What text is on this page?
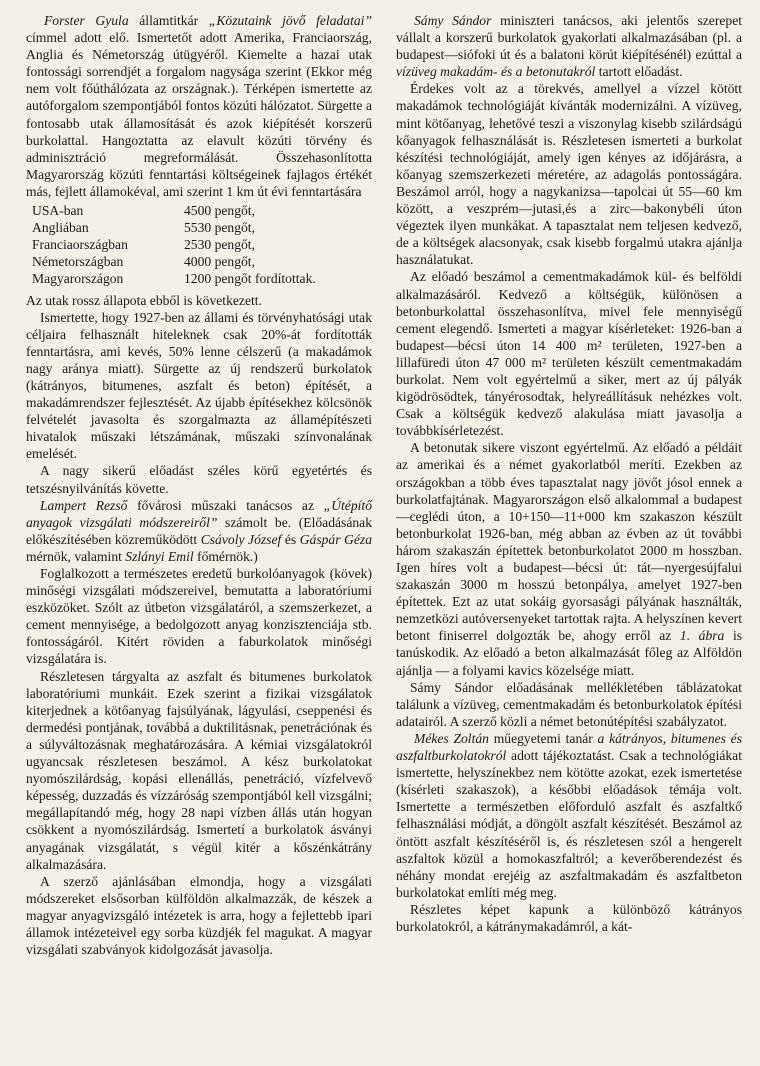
Forster Gyula államtitkár „Közutaink jövő feladatai” címmel adott elő. Ismertetőt adott Amerika, Franciaország, Anglia és Németország útügyéről. Kiemelte a hazai utak fontossági sorrendjét a forgalom nagysága szerint (Ekkor még nem volt főúthálózata az országnak.). Térképen ismertette az autóforgalom szempontjából fontos közúti hálózatot. Sürgette a fontosabb utak államosítását és azok kiépítését korszerű burkolattal. Hangoztatta az elavult közúti törvény és adminisztráció megreformálását. Összehasonlította Magyarország közúti fenntartási költségeinek fajlagos értékét más, fejlett államokéval, ami szerint 1 km út évi fenntartására

USA-ban	4500 pengőt,
Angliában	5530 pengőt,
Franciaországban	2530 pengőt,
Németországban	4000 pengőt,
Magyarországon	1200 pengőt fordítottak.

Az utak rossz állapota ebből is következett.

Ismertette, hogy 1927-ben az állami és törvényhatósági utak céljaira felhasznált hiteleknek csak 20%-át fordították fenntartásra, ami kevés, 50% lenne célszerű (a makadámok nagy aránya miatt). Sürgette az új rendszerű burkolatok (kátrányos, bitumenes, aszfalt és beton) építését, a makadámrendszer fejlesztését. Az újabb építésekhez kölcsönök felvételét javasolta és szorgalmazta az államépítészeti hivatalok műszaki létszámának, műszaki színvonalának emelését.

A nagy sikerű előadást széles körű egyetértés és tetszésnyilvánítás követte.

Lampert Rezső fővárosi műszaki tanácsos az „Útépítő anyagok vizsgálati módszereiről” számolt be. (Előadásának előkészítésében közreműködött Csávoly József és Gáspár Géza mérnök, valamint Szlányi Emil főmérnök.)

Foglalkozott a természetes eredetű burkolóanyagok (kövek) minőségi vizsgálati módszereivel, bemutatta a laboratóriumi eszközöket. Szólt az útbeton vizsgálatáról, a szemszerkezet, a cement mennyisége, a bedolgozott anyag konzisztenciája stb. fontosságáról. Kitért röviden a faburkolatok minőségi vizsgálatára is.

Részletesen tárgyalta az aszfalt és bitumenes burkolatok laboratóriumi munkáit. Ezek szerint a fizikai vizsgálatok kiterjednek a kötőanyag fajsúlyának, lágyulási, cseppenési és dermedési pontjának, továbbá a duktilitásnak, penetrációnak és a súlyváltozásnak meghatározására. A kémiai vizsgálatokról ugyancsak részletesen beszámol. A kész burkolatokat nyomószilárdság, kopási ellenállás, penetráció, vízfelvevő képesség, duzzadás és vízzáróság szempontjából kell vizsgálni; megállapítandó még, hogy 28 napi vízben állás után hogyan csökkent a nyomószilárdság. Ismertetí a burkolatok ásványi anyagának vizsgálatát, s végül kitér a kőszénkátrány alkalmazására.

A szerző ajánlásában elmondja, hogy a vizsgálati módszereket elsősorban külföldön alkalmazzák, de készek a magyar anyagvizsgáló intézetek is arra, hogy a fejlettebb ipari államok intézeteivel egy sorba küzdjék fel magukat. A magyar vizsgálati szabványok kidolgozását javasolja.

Sámy Sándor miniszteri tanácsos, aki jelentős szerepet vállalt a korszerű burkolatok gyakorlati alkalmazásában (pl. a budapest—siófoki út és a balatoni körút kiépítésénél) ezúttal a vízüveg makadám- és a betonutakról tartott előadást.

Érdekes volt az a törekvés, amellyel a vízzel kötött makadámok technológiáját kívánták modernizálni. A vízüveg, mint kötőanyag, lehetővé teszi a viszonylag kisebb szilárdságú kőanyagok felhasználását is. Részletesen ismerteti a burkolat készítési technológiáját, amely igen kényes az időjárásra, a kőanyag szemszerkezeti méretére, az adagolás pontosságára. Beszámol arról, hogy a nagykanizsa—tapolcai út 55—60 km között, a veszprém—jutasi,és a zirc—bakonybéli úton végeztek ilyen munkákat. A tapasztalat nem teljesen kedvező, de a költségek alacsonyak, csak kisebb forgalmú utakra ajánlja használatukat.

Az előadó beszámol a cementmakadámok kül- és belföldi alkalmazásáról. Kedvező a költségük, különösen a betonburkolattal összehasonlítva, mivel fele mennyiségű cement elegendő. Ismerteti a magyar kísérleteket: 1926-ban a budapest—bécsi úton 14 400 m² területen, 1927-ben a lillafüredi úton 47 000 m² területen készült cementmakadám burkolat. Nem volt egyértelmű a siker, mert az új pályák kigödrösödtek, tányérosodtak, helyreállításuk nehézkes volt. Csak a költségük kedvező alakulása miatt javasolja a továbbkísérletezést.

A betonutak sikere viszont egyértelmű. Az előadó a példáit az amerikai és a német gyakorlatból meríti. Ezekben az országokban a több éves tapasztalat nagy jövőt jósol ennek a burkolatfajtának. Magyarországon első alkalommal a budapest—ceglédi úton, a 10+150—11+000 km szakaszon készült betonburkolat 1926-ban, még abban az évben az út további három szakaszán építettek betonburkolatot 2000 m hosszban. Igen híres volt a budapest—bécsi út: tát—nyergesújfalui szakaszán 3000 m hosszú betonpálya, amelyet 1927-ben építettek. Ezt az utat sokáig gyorsasági pályának használták, nemzetközi autóversenyeket tartottak rajta. A helyszínen kevert betont finiserrel dolgozták be, ahogy erről az 1. ábra is tanúskodik. Az előadó a beton alkalmazását főleg az Alföldön ajánlja — a folyami kavics közelsége miatt.

Sámy Sándor előadásának mellékletében táblázatokat találunk a vízüveg, cementmakadám és betonburkolatok építési adatairól. A szerző közli a német betonútépítési szabályzatot.

Mékes Zoltán műegyetemi tanár a kátrányos, bitumenes és aszfaltburkolatokról adott tájékoztatást. Csak a technológiákat ismertette, helyszínekbez nem kötötte azokat, ezek ismertetése (kísérleti szakaszok), a későbbi előadások témája volt. Ismertette a természetben előforduló aszfalt és aszfaltkő felhasználási módját, a döngölt aszfalt készítését. Beszámol az öntött aszfalt készítéséről is, és részletesen szól a hengerelt aszfaltok közül a homokaszfaltról; a keverőberendezést és néhány mondat erejéig az aszfaltmakadám és aszfaltbeton burkolatokat említi még meg.

Részletes képet kapunk a különböző kátrányos burkolatokról, a kátránymakadámról, a kát-
